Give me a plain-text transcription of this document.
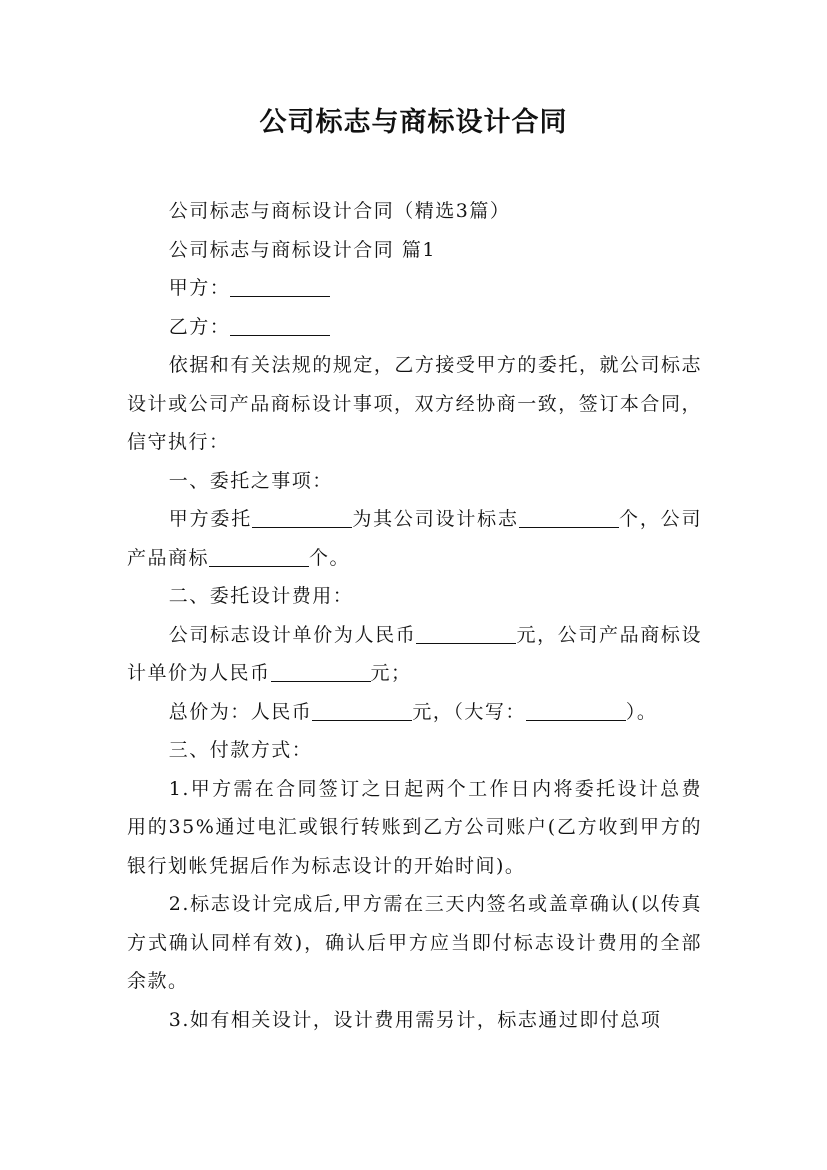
公司标志与商标设计合同

公司标志与商标设计合同（精选3篇）

公司标志与商标设计合同 篇1

甲方：

乙方：

依据和有关法规的规定，乙方接受甲方的委托，就公司标志设计或公司产品商标设计事项，双方经协商一致，签订本合同，信守执行：

一、委托之事项：

甲方委托	为其公司设计标志	个，公司产品商标	个。

二、委托设计费用：

公司标志设计单价为人民币	元，公司产品商标设计单价为人民币	元；

总价为：人民币	元，（大写：	）。

三、付款方式：

1.甲方需在合同签订之日起两个工作日内将委托设计总费用的35%通过电汇或银行转账到乙方公司账户(乙方收到甲方的银行划帐凭据后作为标志设计的开始时间)。

2.标志设计完成后,甲方需在三天内签名或盖章确认(以传真方式确认同样有效)，确认后甲方应当即付标志设计费用的全部余款。

3.如有相关设计，设计费用需另计，标志通过即付总项
